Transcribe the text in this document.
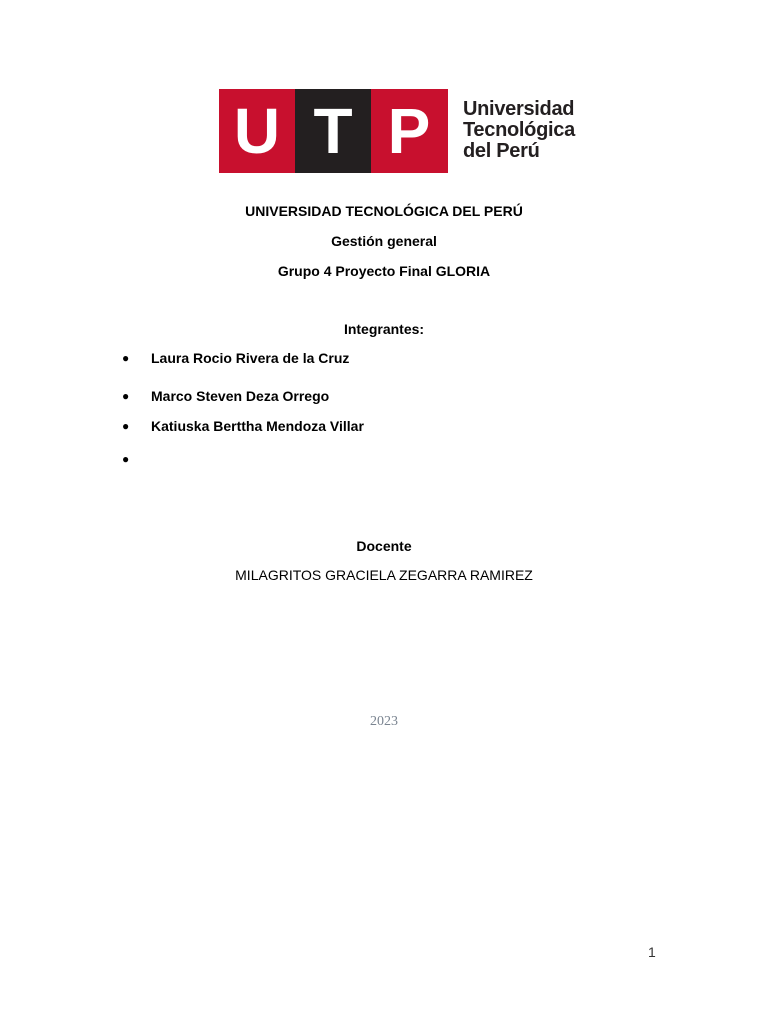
U T P	Universidad
Tecnológica
del Perú
UNIVERSIDAD TECNOLÓGICA DEL PERÚ
Gestión general
Grupo 4 Proyecto Final GLORIA
Integrantes:
● Laura Rocio Rivera de la Cruz
● Marco Steven Deza Orrego
● Katiuska Berttha Mendoza Villar
●
Docente
MILAGRITOS GRACIELA ZEGARRA RAMIREZ
2023
1
